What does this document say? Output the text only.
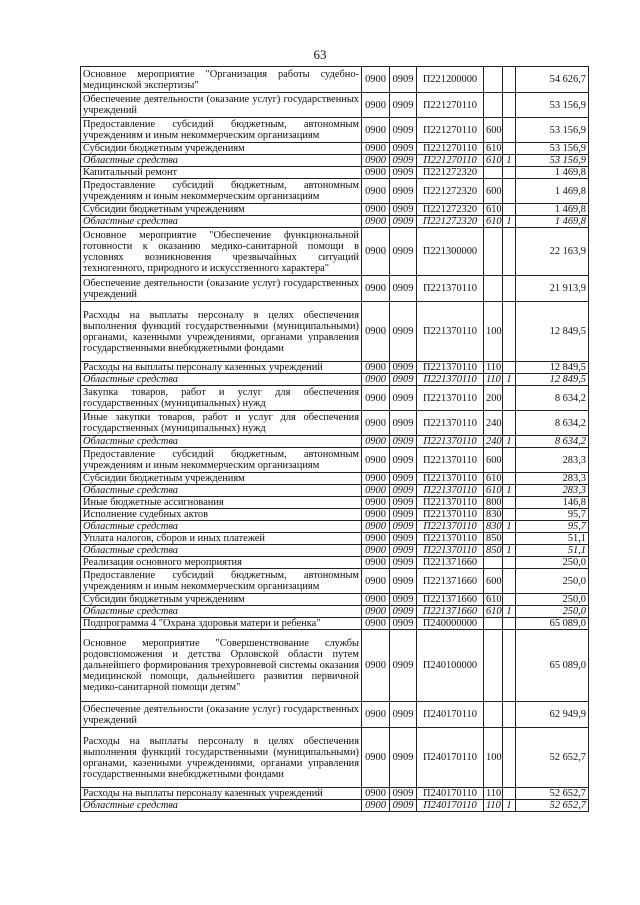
63
Основное мероприятие "Организация работы судебно-медицинской экспертизы"	0900	0909	П221200000			54 626,7
Обеспечение деятельности (оказание услуг) государственных учреждений	0900	0909	П221270110			53 156,9
Предоставление субсидий бюджетным, автономным учреждениям и иным некоммерческим организациям	0900	0909	П221270110	600		53 156,9
Субсидии бюджетным учреждениям	0900	0909	П221270110	610		53 156,9
Областные средства	0900	0909	П221270110	610	1	53 156,9
Капитальный ремонт	0900	0909	П221272320			1 469,8
Предоставление субсидий бюджетным, автономным учреждениям и иным некоммерческим организациям	0900	0909	П221272320	600		1 469,8
Субсидии бюджетным учреждениям	0900	0909	П221272320	610		1 469,8
Областные средства	0900	0909	П221272320	610	1	1 469,8
Основное мероприятие "Обеспечение функциональной готовности к оказанию медико-санитарной помощи в условиях возникновения чрезвычайных ситуаций техногенного, природного и искусственного характера"	0900	0909	П221300000			22 163,9
Обеспечение деятельности (оказание услуг) государственных учреждений	0900	0909	П221370110			21 913,9
Расходы на выплаты персоналу в целях обеспечения выполнения функций государственными (муниципальными) органами, казенными учреждениями, органами управления государственными внебюджетными фондами	0900	0909	П221370110	100		12 849,5
Расходы на выплаты персоналу казенных учреждений	0900	0909	П221370110	110		12 849,5
Областные средства	0900	0909	П221370110	110	1	12 849,5
Закупка товаров, работ и услуг для обеспечения государственных (муниципальных) нужд	0900	0909	П221370110	200		8 634,2
Иные закупки товаров, работ и услуг для обеспечения государственных (муниципальных) нужд	0900	0909	П221370110	240		8 634,2
Областные средства	0900	0909	П221370110	240	1	8 634,2
Предоставление субсидий бюджетным, автономным учреждениям и иным некоммерческим организациям	0900	0909	П221370110	600		283,3
Субсидии бюджетным учреждениям	0900	0909	П221370110	610		283,3
Областные средства	0900	0909	П221370110	610	1	283,3
Иные бюджетные ассигнования	0900	0909	П221370110	800		146,8
Исполнение судебных актов	0900	0909	П221370110	830		95,7
Областные средства	0900	0909	П221370110	830	1	95,7
Уплата налогов, сборов и иных платежей	0900	0909	П221370110	850		51,1
Областные средства	0900	0909	П221370110	850	1	51,1
Реализация основного мероприятия	0900	0909	П221371660			250,0
Предоставление субсидий бюджетным, автономным учреждениям и иным некоммерческим организациям	0900	0909	П221371660	600		250,0
Субсидии бюджетным учреждениям	0900	0909	П221371660	610		250,0
Областные средства	0900	0909	П221371660	610	1	250,0
Подпрограмма 4 "Охрана здоровья матери и ребенка"	0900	0909	П240000000			65 089,0
Основное мероприятие "Совершенствование службы родовспоможения и детства Орловской области путем дальнейшего формирования трехуровневой системы оказания медицинской помощи, дальнейшего развития первичной медико-санитарной помощи детям"	0900	0909	П240100000			65 089,0
Обеспечение деятельности (оказание услуг) государственных учреждений	0900	0909	П240170110			62 949,9
Расходы на выплаты персоналу в целях обеспечения выполнения функций государственными (муниципальными) органами, казенными учреждениями, органами управления государственными внебюджетными фондами	0900	0909	П240170110	100		52 652,7
Расходы на выплаты персоналу казенных учреждений	0900	0909	П240170110	110		52 652,7
Областные средства	0900	0909	П240170110	110	1	52 652,7
